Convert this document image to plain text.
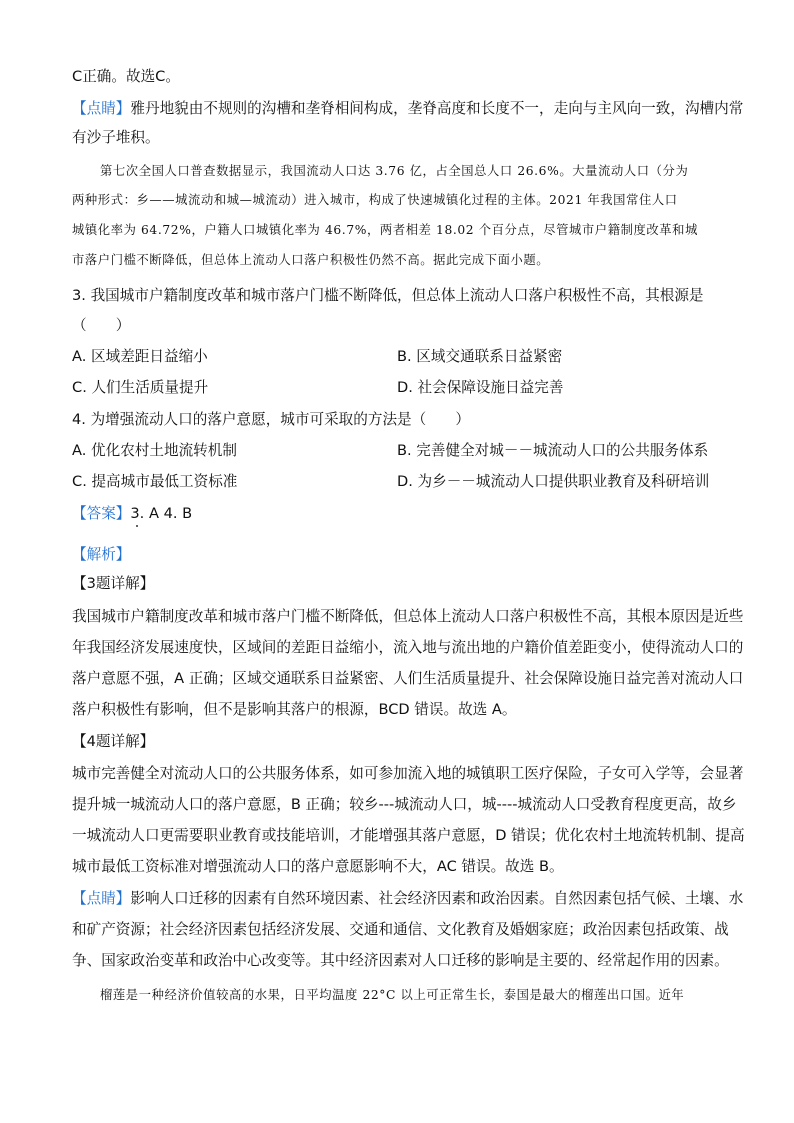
C正确。故选C。
【点睛】雅丹地貌由不规则的沟槽和垄脊相间构成，垄脊高度和长度不一，走向与主风向一致，沟槽内常
有沙子堆积。
第七次全国人口普查数据显示，我国流动人口达 3.76 亿，占全国总人口 26.6%。大量流动人口（分为
两种形式：乡——城流动和城—城流动）进入城市，构成了快速城镇化过程的主体。2021 年我国常住人口
城镇化率为 64.72%，户籍人口城镇化率为 46.7%，两者相差 18.02 个百分点，尽管城市户籍制度改革和城
市落户门槛不断降低，但总体上流动人口落户积极性仍然不高。据此完成下面小题。
3. 我国城市户籍制度改革和城市落户门槛不断降低，但总体上流动人口落户积极性不高，其根源是
（　　）
A. 区域差距日益缩小	B. 区域交通联系日益紧密
C. 人们生活质量提升	D. 社会保障设施日益完善
4. 为增强流动人口的落户意愿，城市可采取的方法是（　　）
A. 优化农村土地流转机制	B. 完善健全对城－－城流动人口的公共服务体系
C. 提高城市最低工资标准	D. 为乡－－城流动人口提供职业教育及科研培训
【答案】3. A 4. B
【解析】
【3题详解】
我国城市户籍制度改革和城市落户门槛不断降低，但总体上流动人口落户积极性不高，其根本原因是近些
年我国经济发展速度快，区域间的差距日益缩小，流入地与流出地的户籍价值差距变小，使得流动人口的
落户意愿不强，A 正确；区域交通联系日益紧密、人们生活质量提升、社会保障设施日益完善对流动人口
落户积极性有影响，但不是影响其落户的根源，BCD 错误。故选 A。
【4题详解】
城市完善健全对流动人口的公共服务体系，如可参加流入地的城镇职工医疗保险，子女可入学等，会显著
提升城一城流动人口的落户意愿，B 正确；较乡---城流动人口，城----城流动人口受教育程度更高，故乡
一城流动人口更需要职业教育或技能培训，才能增强其落户意愿，D 错误；优化农村土地流转机制、提高
城市最低工资标准对增强流动人口的落户意愿影响不大，AC 错误。故选 B。
【点睛】影响人口迁移的因素有自然环境因素、社会经济因素和政治因素。自然因素包括气候、土壤、水
和矿产资源；社会经济因素包括经济发展、交通和通信、文化教育及婚姻家庭；政治因素包括政策、战
争、国家政治变革和政治中心改变等。其中经济因素对人口迁移的影响是主要的、经常起作用的因素。
榴莲是一种经济价值较高的水果，日平均温度 22°C 以上可正常生长，泰国是最大的榴莲出口国。近年
